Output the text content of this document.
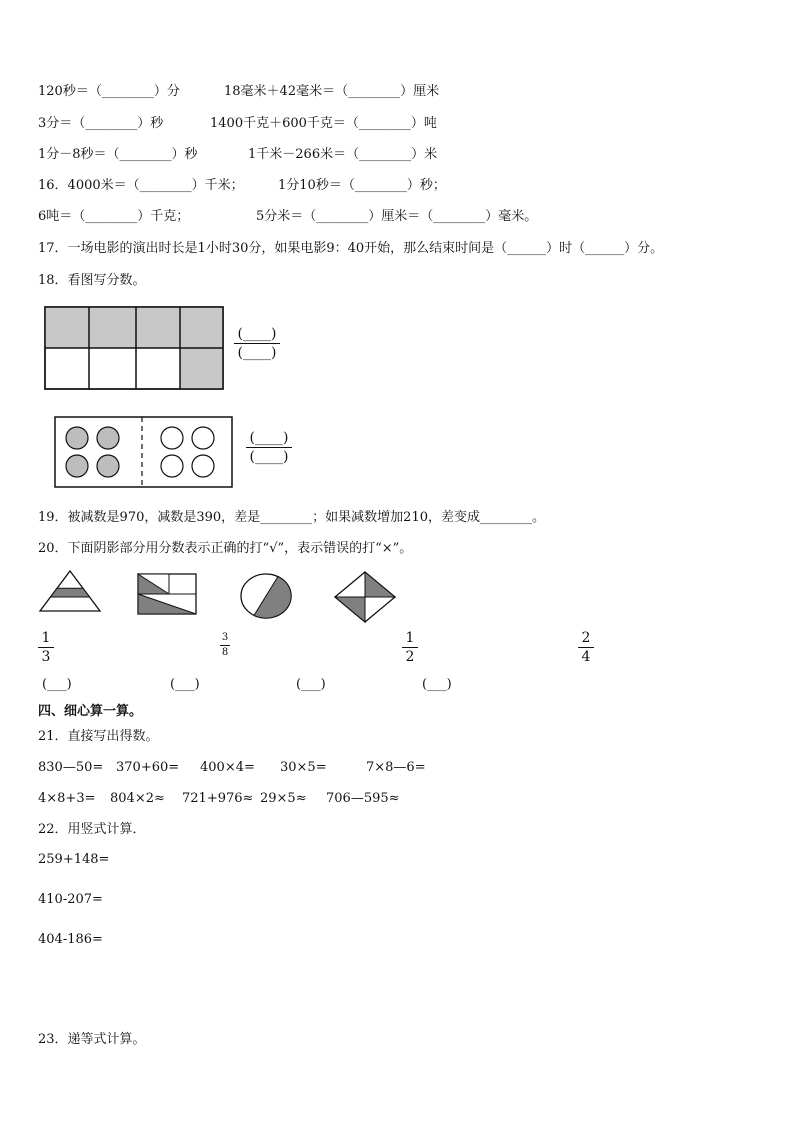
120秒＝（________）分	18毫米＋42毫米＝（________）厘米
3分＝（________）秒	1400千克＋600千克＝（________）吨
1分－8秒＝（________）秒	1千米－266米＝（________）米
16．4000米＝（________）千米；	1分10秒＝（________）秒；
6吨＝（________）千克；	5分米＝（________）厘米＝（________）毫米。
17．一场电影的演出时长是1小时30分，如果电影9：40开始，那么结束时间是（______）时（______）分。
18．看图写分数。
(____)
(____)
(____)
(____)
19．被减数是970，减数是390，差是________；如果减数增加210，差变成________。
20．下面阴影部分用分数表示正确的打“√”，表示错误的打“×”。
1
3
3
8
1
2
2
4
(___)	(___)	(___)	(___)
四、细心算一算。
21．直接写出得数。
830—50= 370+60= 400×4= 30×5=	7×8—6=
4×8+3= 804×2≈ 721+976≈ 29×5≈ 706—595≈
22．用竖式计算．
259+148=
410-207=
404-186=
23．递等式计算。
